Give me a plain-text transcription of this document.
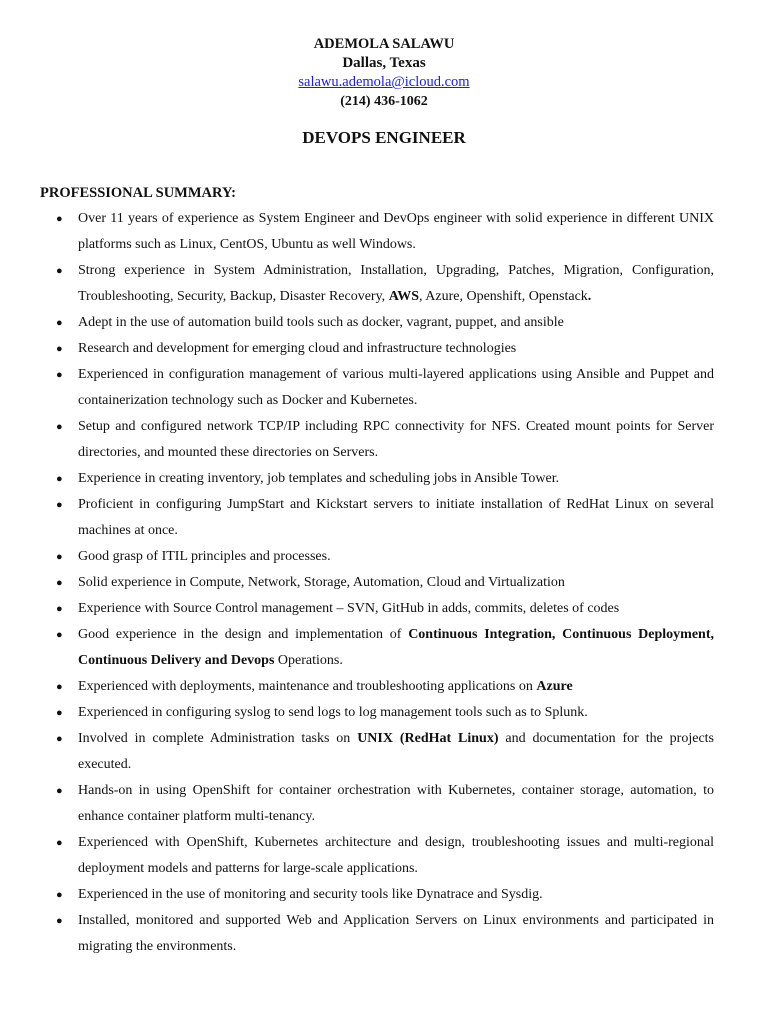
ADEMOLA SALAWU
Dallas, Texas
salawu.ademola@icloud.com
(214) 436-1062
DEVOPS ENGINEER
PROFESSIONAL SUMMARY:
● Over 11 years of experience as System Engineer and DevOps engineer with solid experience in different UNIX platforms such as Linux, CentOS, Ubuntu as well Windows.
● Strong experience in System Administration, Installation, Upgrading, Patches, Migration, Configuration, Troubleshooting, Security, Backup, Disaster Recovery, AWS, Azure, Openshift, Openstack.
● Adept in the use of automation build tools such as docker, vagrant, puppet, and ansible
● Research and development for emerging cloud and infrastructure technologies
● Experienced in configuration management of various multi-layered applications using Ansible and Puppet and containerization technology such as Docker and Kubernetes.
● Setup and configured network TCP/IP including RPC connectivity for NFS. Created mount points for Server directories, and mounted these directories on Servers.
● Experience in creating inventory, job templates and scheduling jobs in Ansible Tower.
● Proficient in configuring JumpStart and Kickstart servers to initiate installation of RedHat Linux on several machines at once.
● Good grasp of ITIL principles and processes.
● Solid experience in Compute, Network, Storage, Automation, Cloud and Virtualization
● Experience with Source Control management – SVN, GitHub in adds, commits, deletes of codes
● Good experience in the design and implementation of Continuous Integration, Continuous Deployment, Continuous Delivery and Devops Operations.
● Experienced with deployments, maintenance and troubleshooting applications on Azure
● Experienced in configuring syslog to send logs to log management tools such as to Splunk.
● Involved in complete Administration tasks on UNIX (RedHat Linux) and documentation for the projects executed.
● Hands-on in using OpenShift for container orchestration with Kubernetes, container storage, automation, to enhance container platform multi-tenancy.
● Experienced with OpenShift, Kubernetes architecture and design, troubleshooting issues and multi-regional deployment models and patterns for large-scale applications.
● Experienced in the use of monitoring and security tools like Dynatrace and Sysdig.
● Installed, monitored and supported Web and Application Servers on Linux environments and participated in migrating the environments.
